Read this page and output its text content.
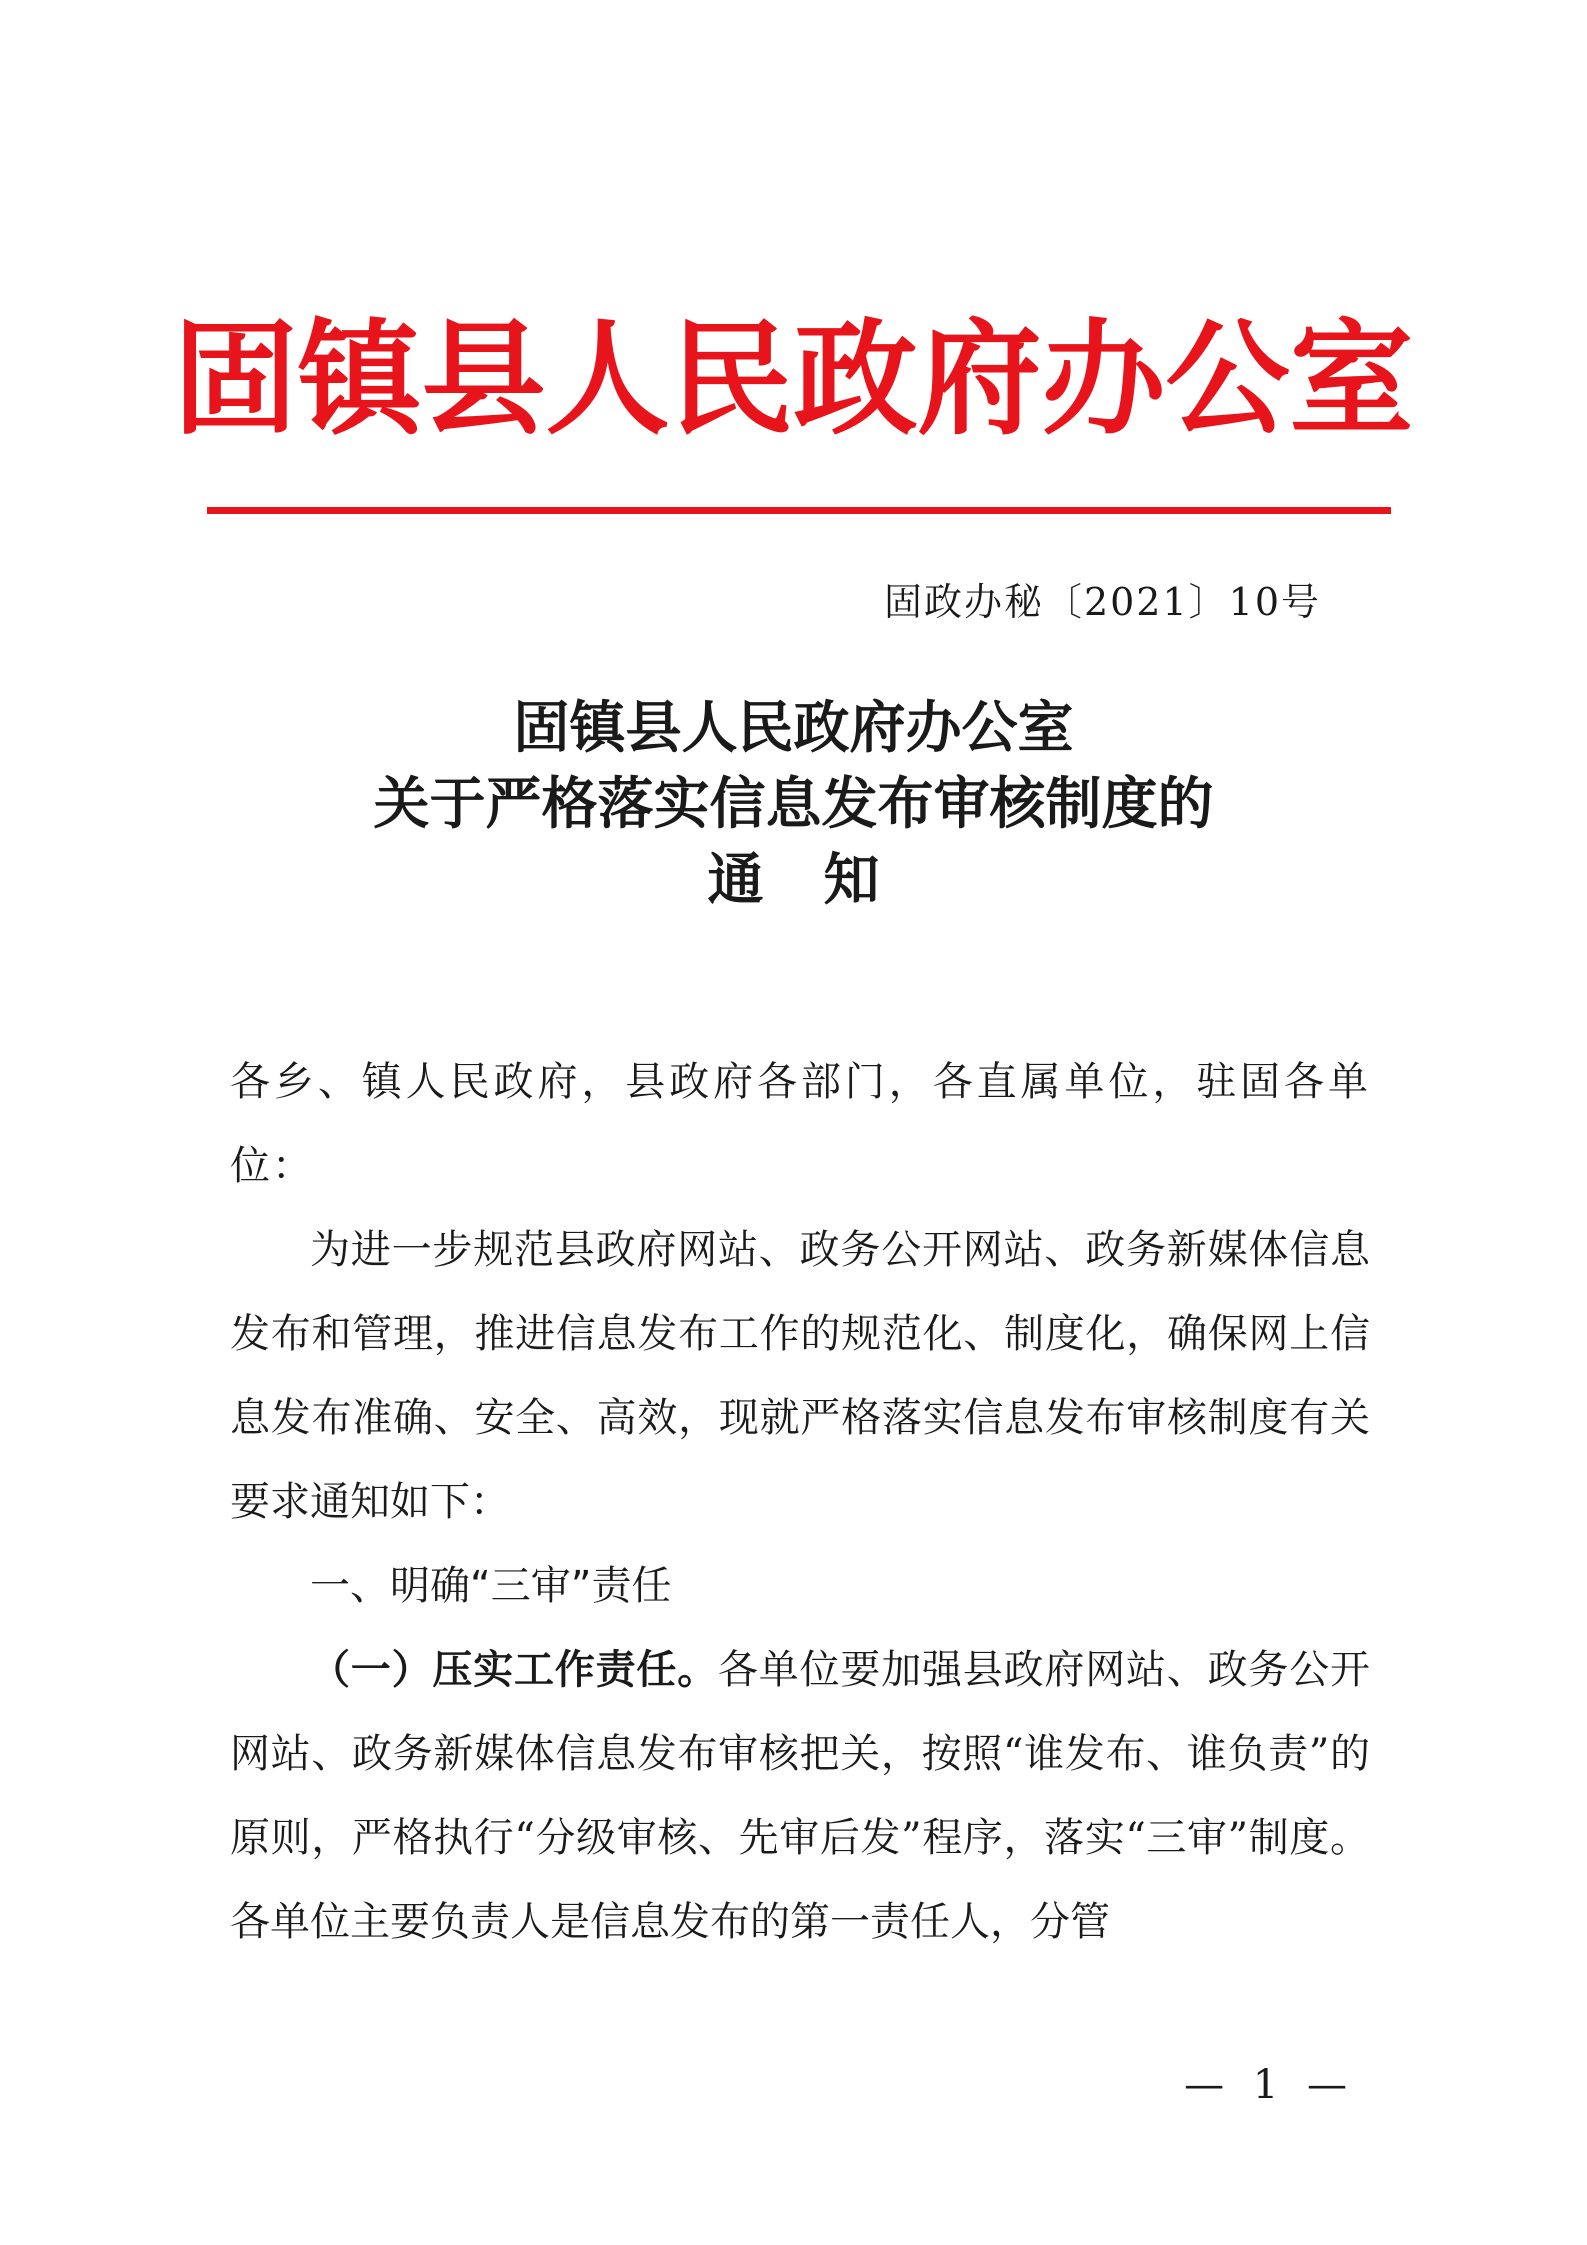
固镇县人民政府办公室
固政办秘〔2021〕10号

固镇县人民政府办公室

关于严格落实信息发布审核制度的

通知

各乡、镇人民政府，县政府各部门，各直属单位，驻固各单位：

为进一步规范县政府网站、政务公开网站、政务新媒体信息发布和管理，推进信息发布工作的规范化、制度化，确保网上信息发布准确、安全、高效，现就严格落实信息发布审核制度有关要求通知如下：

一、明确“三审”责任

（一）压实工作责任。各单位要加强县政府网站、政务公开网站、政务新媒体信息发布审核把关，按照“谁发布、谁负责”的原则，严格执行“分级审核、先审后发”程序，落实“三审”制度。各单位主要负责人是信息发布的第一责任人，分管

— 1 —
